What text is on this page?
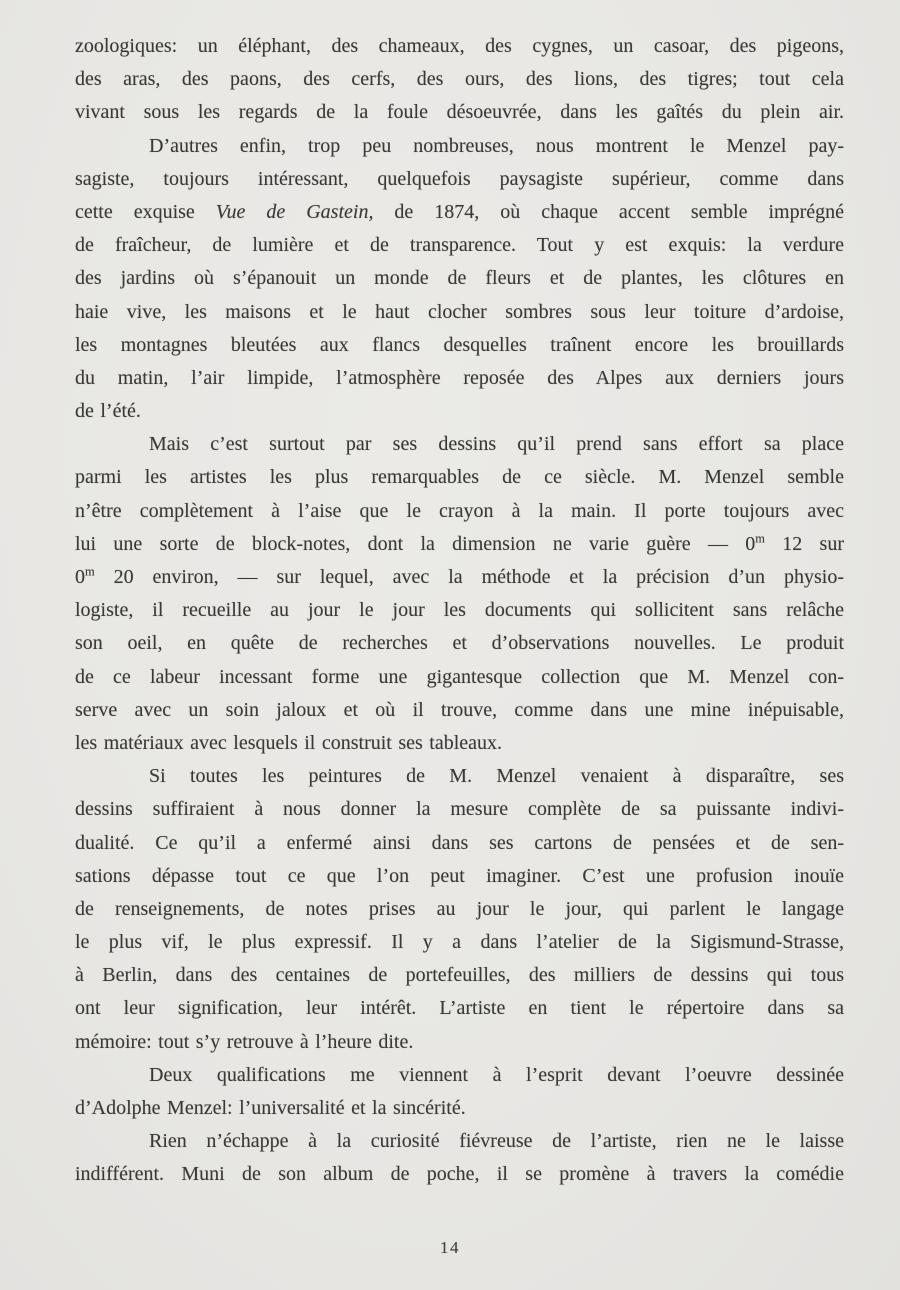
zoologiques: un éléphant, des chameaux, des cygnes, un casoar, des pigeons,
des aras, des paons, des cerfs, des ours, des lions, des tigres; tout cela
vivant sous les regards de la foule désoeuvrée, dans les gaîtés du plein air.
D’autres enfin, trop peu nombreuses, nous montrent le Menzel pay-
sagiste, toujours intéressant, quelquefois paysagiste supérieur, comme dans
cette exquise Vue de Gastein, de 1874, où chaque accent semble imprégné
de fraîcheur, de lumière et de transparence. Tout y est exquis: la verdure
des jardins où s’épanouit un monde de fleurs et de plantes, les clôtures en
haie vive, les maisons et le haut clocher sombres sous leur toiture d’ardoise,
les montagnes bleutées aux flancs desquelles traînent encore les brouillards
du matin, l’air limpide, l’atmosphère reposée des Alpes aux derniers jours
de l’été.
Mais c’est surtout par ses dessins qu’il prend sans effort sa place
parmi les artistes les plus remarquables de ce siècle. M. Menzel semble
n’être complètement à l’aise que le crayon à la main. Il porte toujours avec
lui une sorte de block-notes, dont la dimension ne varie guère — 0$^m$ 12 sur
0$^m$ 20 environ, — sur lequel, avec la méthode et la précision d’un physio-
logiste, il recueille au jour le jour les documents qui sollicitent sans relâche
son oeil, en quête de recherches et d’observations nouvelles. Le produit
de ce labeur incessant forme une gigantesque collection que M. Menzel con-
serve avec un soin jaloux et où il trouve, comme dans une mine inépuisable,
les matériaux avec lesquels il construit ses tableaux.
Si toutes les peintures de M. Menzel venaient à disparaître, ses
dessins suffiraient à nous donner la mesure complète de sa puissante indivi-
dualité. Ce qu’il a enfermé ainsi dans ses cartons de pensées et de sen-
sations dépasse tout ce que l’on peut imaginer. C’est une profusion inouïe
de renseignements, de notes prises au jour le jour, qui parlent le langage
le plus vif, le plus expressif. Il y a dans l’atelier de la Sigismund-Strasse,
à Berlin, dans des centaines de portefeuilles, des milliers de dessins qui tous
ont leur signification, leur intérêt. L’artiste en tient le répertoire dans sa
mémoire: tout s’y retrouve à l’heure dite.
Deux qualifications me viennent à l’esprit devant l’oeuvre dessinée
d’Adolphe Menzel: l’universalité et la sincérité.
Rien n’échappe à la curiosité fiévreuse de l’artiste, rien ne le laisse
indifférent. Muni de son album de poche, il se promène à travers la comédie
14
